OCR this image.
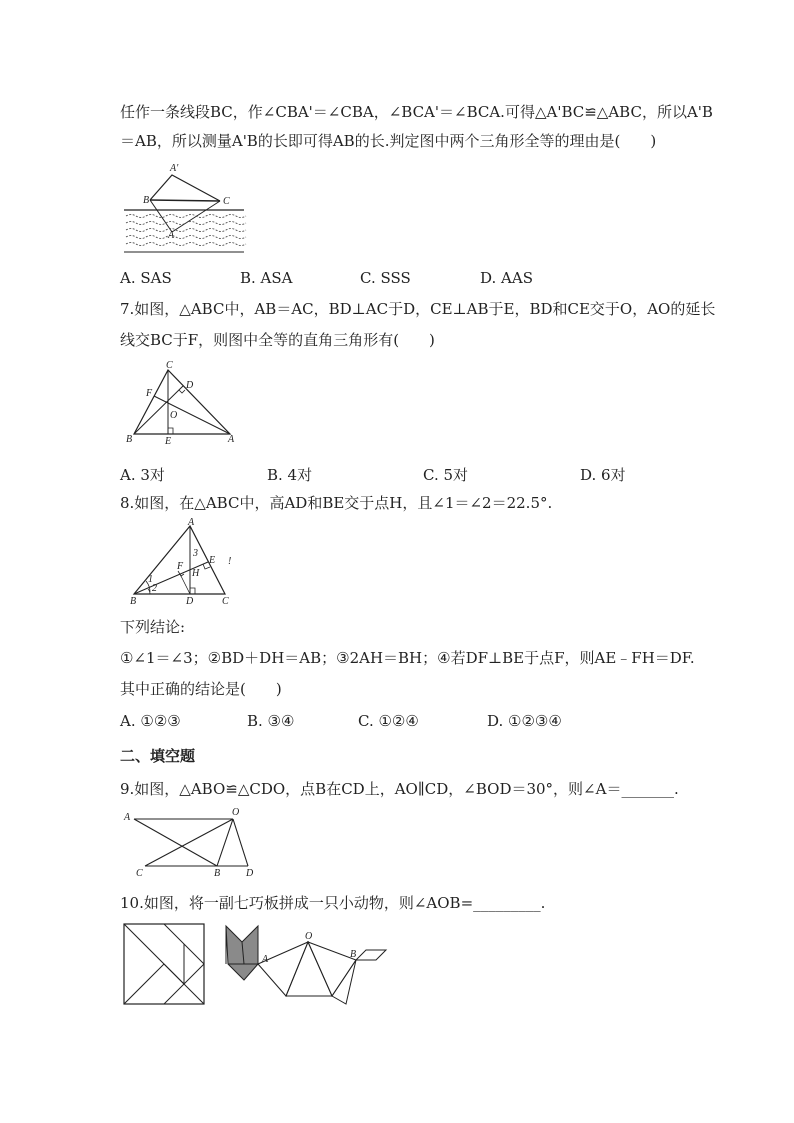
任作一条线段BC，作∠CBA'＝∠CBA，∠BCA'＝∠BCA.可得△A'BC≌△ABC，所以A'B
＝AB，所以测量A'B的长即可得AB的长.判定图中两个三角形全等的理由是(　　)
A'
B	C
A
A. SAS	B. ASA	C. SSS	D. AAS
7.如图，△ABC中，AB＝AC，BD⊥AC于D，CE⊥AB于E，BD和CE交于O，AO的延长
线交BC于F，则图中全等的直角三角形有(　　)
C
D
F
O
B	E	A
A. 3对	B. 4对	C. 5对	D. 6对
8.如图，在△ABC中，高AD和BE交于点H，且∠1＝∠2＝22.5°.
A
3
E
F
H
1
2
B	D	C
!
下列结论:
①∠1＝∠3；②BD＋DH＝AB；③2AH＝BH；④若DF⊥BE于点F，则AE﹣FH＝DF.
其中正确的结论是(　　)
A. ①②③	B. ③④	C. ①②④	D. ①②③④
二、填空题
9.如图，△ABO≌△CDO，点B在CD上，AO∥CD，∠BOD＝30°，则∠A＝_______.
A	O
C	B	D
10.如图，将一副七巧板拼成一只小动物，则∠AOB=_________.
O
A	B
